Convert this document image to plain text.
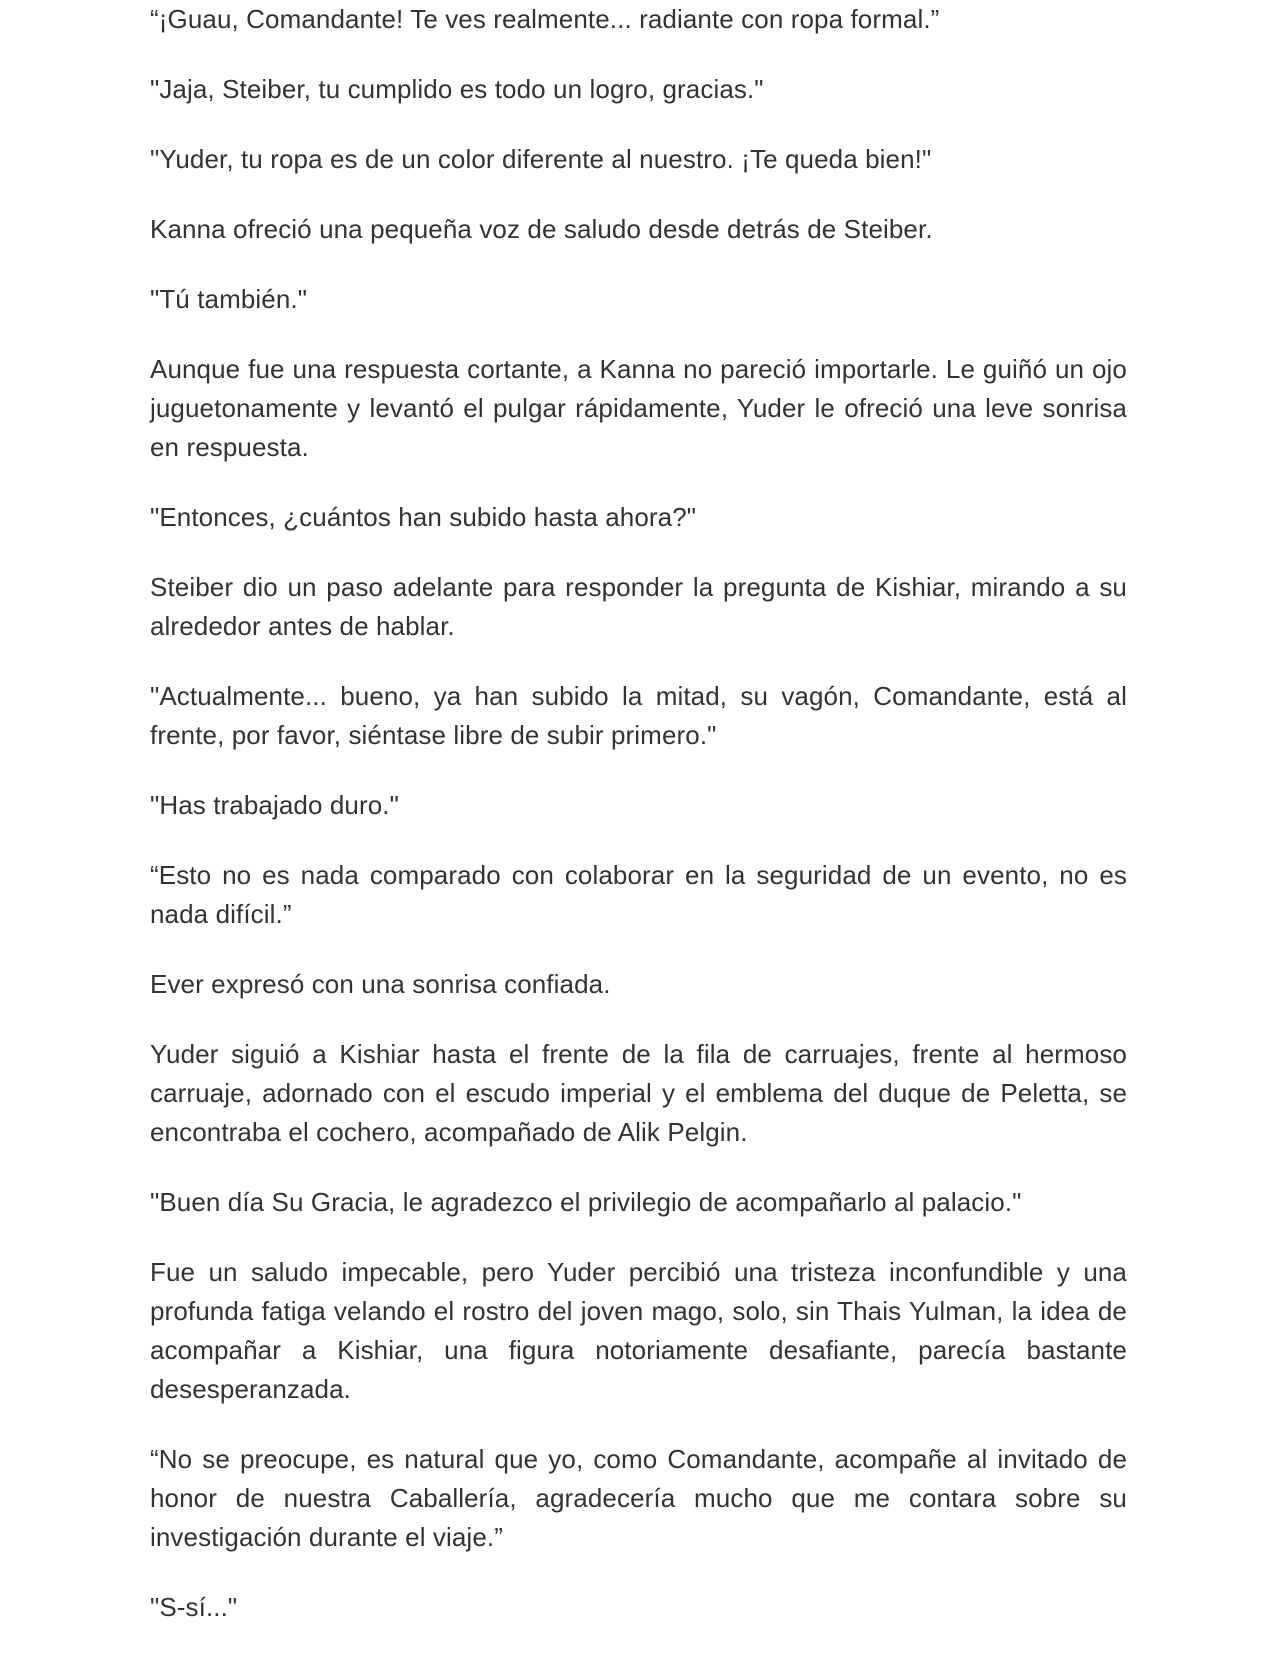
“¡Guau, Comandante! Te ves realmente... radiante con ropa formal.”

"Jaja, Steiber, tu cumplido es todo un logro, gracias."

"Yuder, tu ropa es de un color diferente al nuestro. ¡Te queda bien!"

Kanna ofreció una pequeña voz de saludo desde detrás de Steiber.

"Tú también."

Aunque fue una respuesta cortante, a Kanna no pareció importarle. Le guiñó un ojo juguetonamente y levantó el pulgar rápidamente, Yuder le ofreció una leve sonrisa en respuesta.

"Entonces, ¿cuántos han subido hasta ahora?"

Steiber dio un paso adelante para responder la pregunta de Kishiar, mirando a su alrededor antes de hablar.

"Actualmente... bueno, ya han subido la mitad, su vagón, Comandante, está al frente, por favor, siéntase libre de subir primero."

"Has trabajado duro."

“Esto no es nada comparado con colaborar en la seguridad de un evento, no es nada difícil.”

Ever expresó con una sonrisa confiada.

Yuder siguió a Kishiar hasta el frente de la fila de carruajes, frente al hermoso carruaje, adornado con el escudo imperial y el emblema del duque de Peletta, se encontraba el cochero, acompañado de Alik Pelgin.

"Buen día Su Gracia, le agradezco el privilegio de acompañarlo al palacio."

Fue un saludo impecable, pero Yuder percibió una tristeza inconfundible y una profunda fatiga velando el rostro del joven mago, solo, sin Thais Yulman, la idea de acompañar a Kishiar, una figura notoriamente desafiante, parecía bastante desesperanzada.

“No se preocupe, es natural que yo, como Comandante, acompañe al invitado de honor de nuestra Caballería, agradecería mucho que me contara sobre su investigación durante el viaje.”

"S-sí..."
